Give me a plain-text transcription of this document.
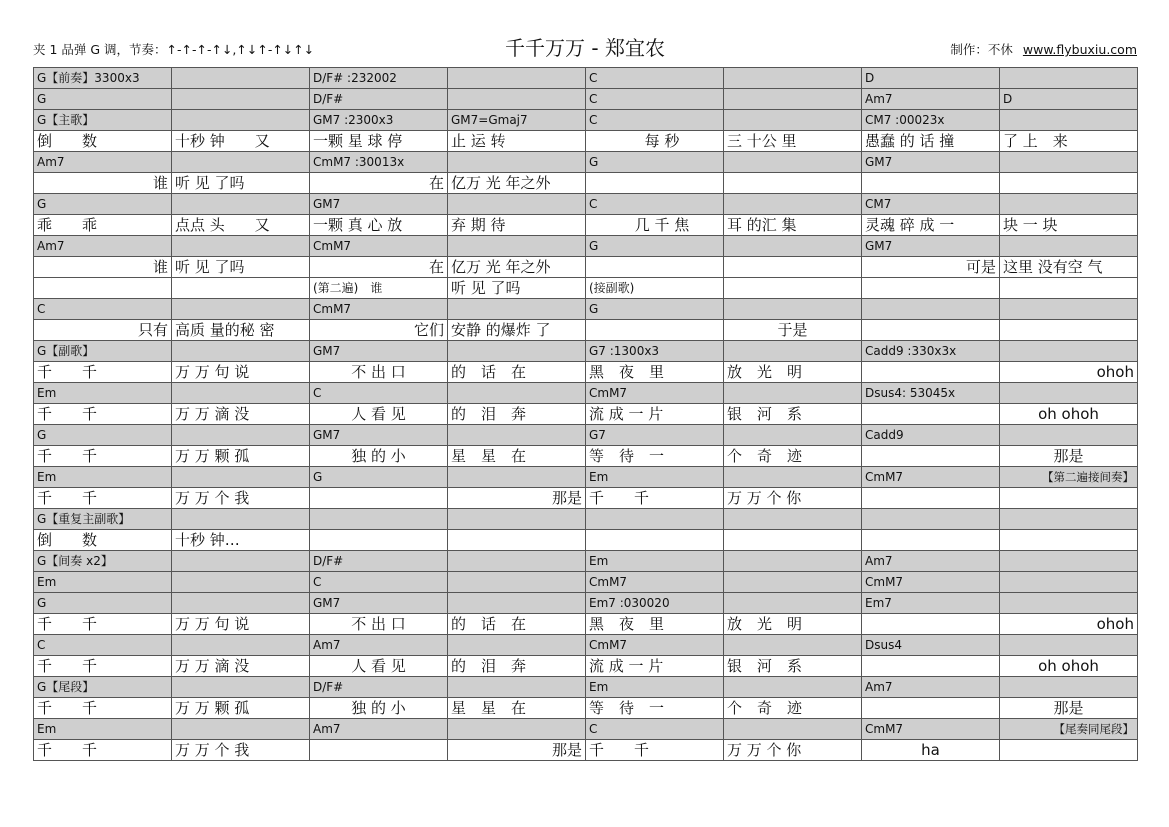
夹 1 品弹 G 调，节奏：↑-↑-↑-↑↓,↑↓↑-↑↓↑↓	千千万万 - 郑宜农	制作：不休 www.flybuxiu.com
G【前奏】3300x3		D/F# :232002		C		D	
G		D/F#		C		Am7	D
G【主歌】		GM7 :2300x3	GM7=Gmaj7	C		CM7 :00023x	
倒　　数	十秒 钟　　又	一颗 星 球 停	止 运 转	　每 秒	三 十公 里	愚蠢 的 话 撞	了 上　来
Am7		CmM7 :30013x		G		GM7	
谁	听 见 了吗	在	亿万 光 年之外				
G		GM7		C		CM7	
乖　　乖	点点 头　　又	一颗 真 心 放	弃 期 待	　几 千 焦	耳 的汇 集	灵魂 碎 成 一	块 一 块
Am7		CmM7		G		GM7	
谁	听 见 了吗	在	亿万 光 年之外			可是	这里 没有空 气
		(第二遍)　谁	听 见 了吗	(接副歌)			
C		CmM7		G			
只有	高质 量的秘 密	它们	安静 的爆炸 了		于是		
G【副歌】		GM7		G7 :1300x3		Cadd9 :330x3x	
千　　千	万 万 句 说	不 出 口	的　话　在	黑　夜　里	放　光　明		ohoh
Em		C		CmM7		Dsus4: 53045x	
千　　千	万 万 滴 没	人 看 见	的　泪　奔	流 成 一 片	银　河　系		oh ohoh
G		GM7		G7		Cadd9	
千　　千	万 万 颗 孤	独 的 小	星　星　在	等　待　一	个　奇　迹		那是
Em		G		Em		CmM7	【第二遍接间奏】
千　　千	万 万 个 我		那是	千　　千	万 万 个 你		
G【重复主副歌】							
倒　　数	十秒 钟…						
G【间奏 x2】		D/F#		Em		Am7	
Em		C		CmM7		CmM7	
G		GM7		Em7 :030020		Em7	
千　　千	万 万 句 说	不 出 口	的　话　在	黑　夜　里	放　光　明		ohoh
C		Am7		CmM7		Dsus4	
千　　千	万 万 滴 没	人 看 见	的　泪　奔	流 成 一 片	银　河　系		oh ohoh
G【尾段】		D/F#		Em		Am7	
千　　千	万 万 颗 孤	独 的 小	星　星　在	等　待　一	个　奇　迹		那是
Em		Am7		C		CmM7	【尾奏同尾段】
千　　千	万 万 个 我		那是	千　　千	万 万 个 你	ha	
